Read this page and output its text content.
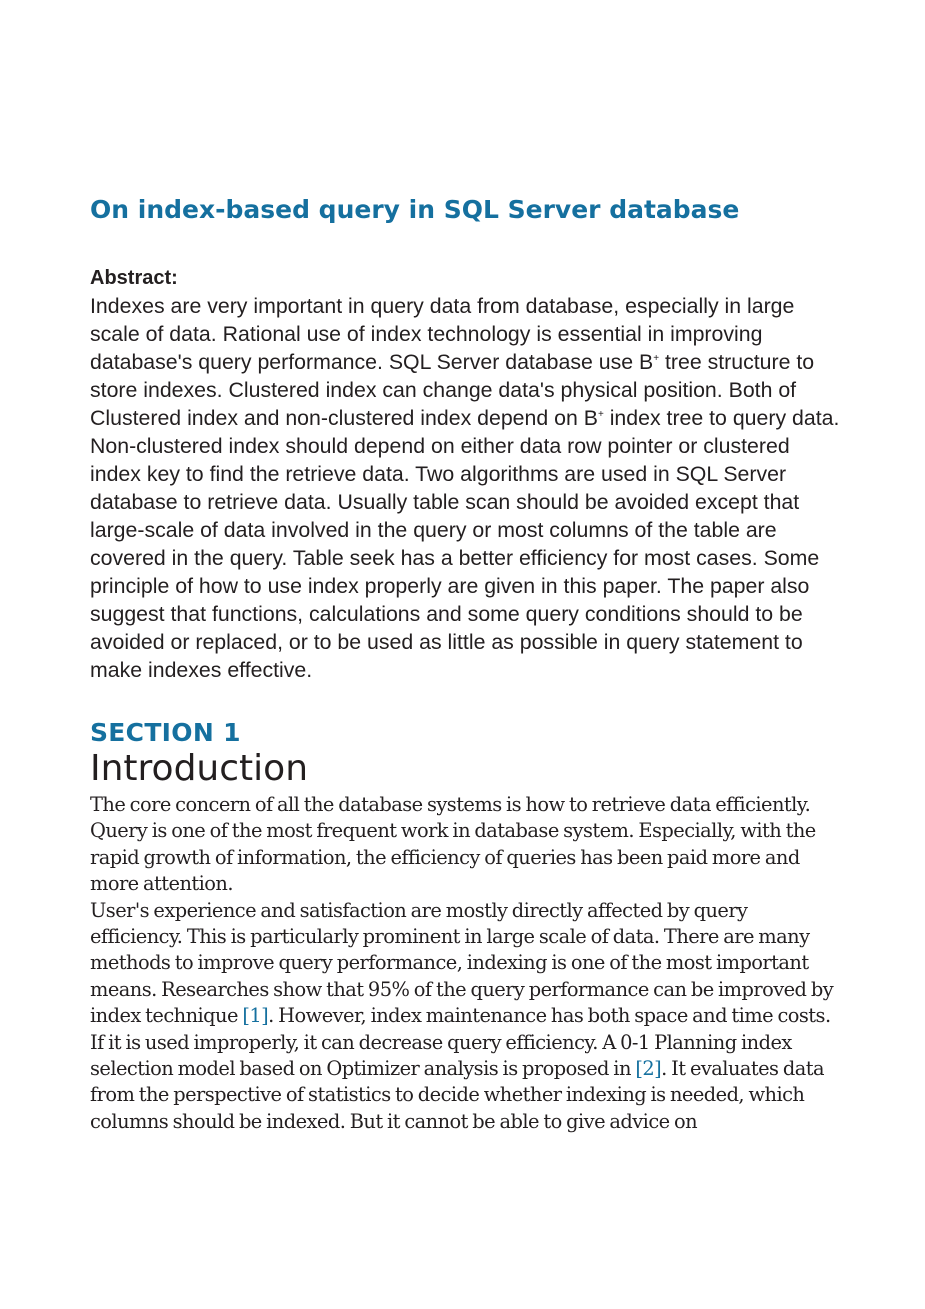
On index-based query in SQL Server database
Abstract:

Indexes are very important in query data from database, especially in large scale of data. Rational use of index technology is essential in improving database's query performance. SQL Server database use B+ tree structure to store indexes. Clustered index can change data's physical position. Both of Clustered index and non-clustered index depend on B+ index tree to query data. Non-clustered index should depend on either data row pointer or clustered index key to find the retrieve data. Two algorithms are used in SQL Server database to retrieve data. Usually table scan should be avoided except that large-scale of data involved in the query or most columns of the table are covered in the query. Table seek has a better efficiency for most cases. Some principle of how to use index properly are given in this paper. The paper also suggest that functions, calculations and some query conditions should to be avoided or replaced, or to be used as little as possible in query statement to make indexes effective.

SECTION 1
Introduction

The core concern of all the database systems is how to retrieve data efficiently. Query is one of the most frequent work in database system. Especially, with the rapid growth of information, the efficiency of queries has been paid more and more attention.

User's experience and satisfaction are mostly directly affected by query efficiency. This is particularly prominent in large scale of data. There are many methods to improve query performance, indexing is one of the most important means. Researches show that 95% of the query performance can be improved by index technique [1]. However, index maintenance has both space and time costs. If it is used improperly, it can decrease query efficiency. A 0-1 Planning index selection model based on Optimizer analysis is proposed in [2]. It evaluates data from the perspective of statistics to decide whether indexing is needed, which columns should be indexed. But it cannot be able to give advice on
